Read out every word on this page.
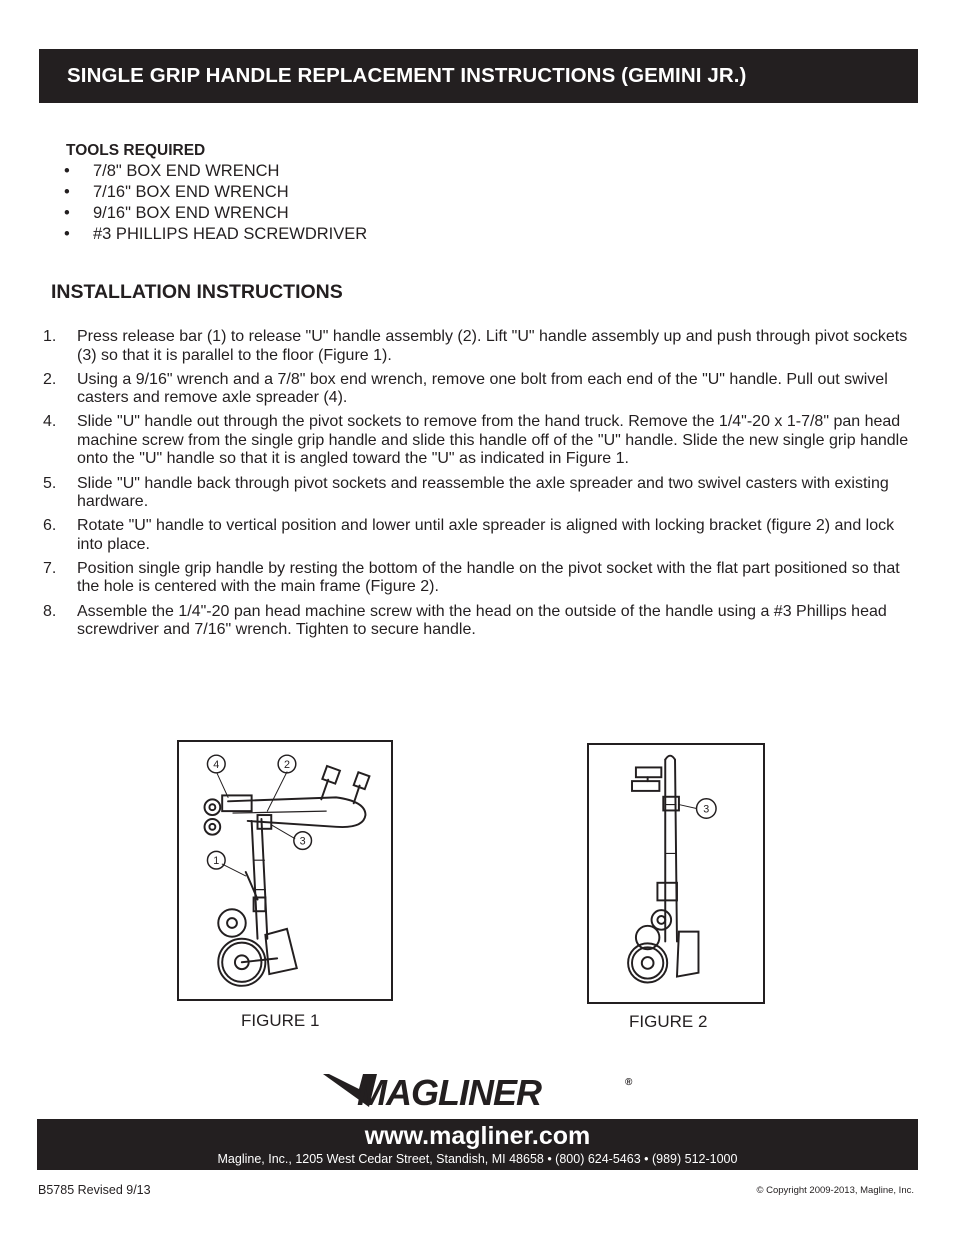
SINGLE GRIP HANDLE REPLACEMENT INSTRUCTIONS (GEMINI JR.)
TOOLS REQUIRED
• 7/8" BOX END WRENCH
• 7/16" BOX END WRENCH
• 9/16" BOX END WRENCH
• #3 PHILLIPS HEAD SCREWDRIVER
INSTALLATION INSTRUCTIONS
1.	Press release bar (1) to release "U" handle assembly (2). Lift "U" handle assembly up and push through pivot sockets (3) so that it is parallel to the floor (Figure 1).
2.	Using a 9/16" wrench and a 7/8" box end wrench, remove one bolt from each end of the "U" handle. Pull out swivel casters and remove axle spreader (4).
4.	Slide "U" handle out through the pivot sockets to remove from the hand truck. Remove the 1/4"-20 x 1-7/8" pan head machine screw from the single grip handle and slide this handle off of the "U" handle. Slide the new single grip handle onto the "U" handle so that it is angled toward the "U" as indicated in Figure 1.
5.	Slide "U" handle back through pivot sockets and reassemble the axle spreader and two swivel casters with existing hardware.
6.	Rotate "U" handle to vertical position and lower until axle spreader is aligned with locking bracket (figure 2) and lock into place.
7.	Position single grip handle by resting the bottom of the handle on the pivot socket with the flat part positioned so that the hole is centered with the main frame (Figure 2).
8.	Assemble the 1/4"-20 pan head machine screw with the head on the outside of the handle using a #3 Phillips head screwdriver and 7/16" wrench. Tighten to secure handle.
4	2
3
1
FIGURE 1
3
FIGURE 2
MAGLINER	®
www.magliner.com
Magline, Inc., 1205 West Cedar Street, Standish, MI 48658 • (800) 624-5463 • (989) 512-1000
B5785 Revised 9/13	© Copyright 2009-2013, Magline, Inc.
